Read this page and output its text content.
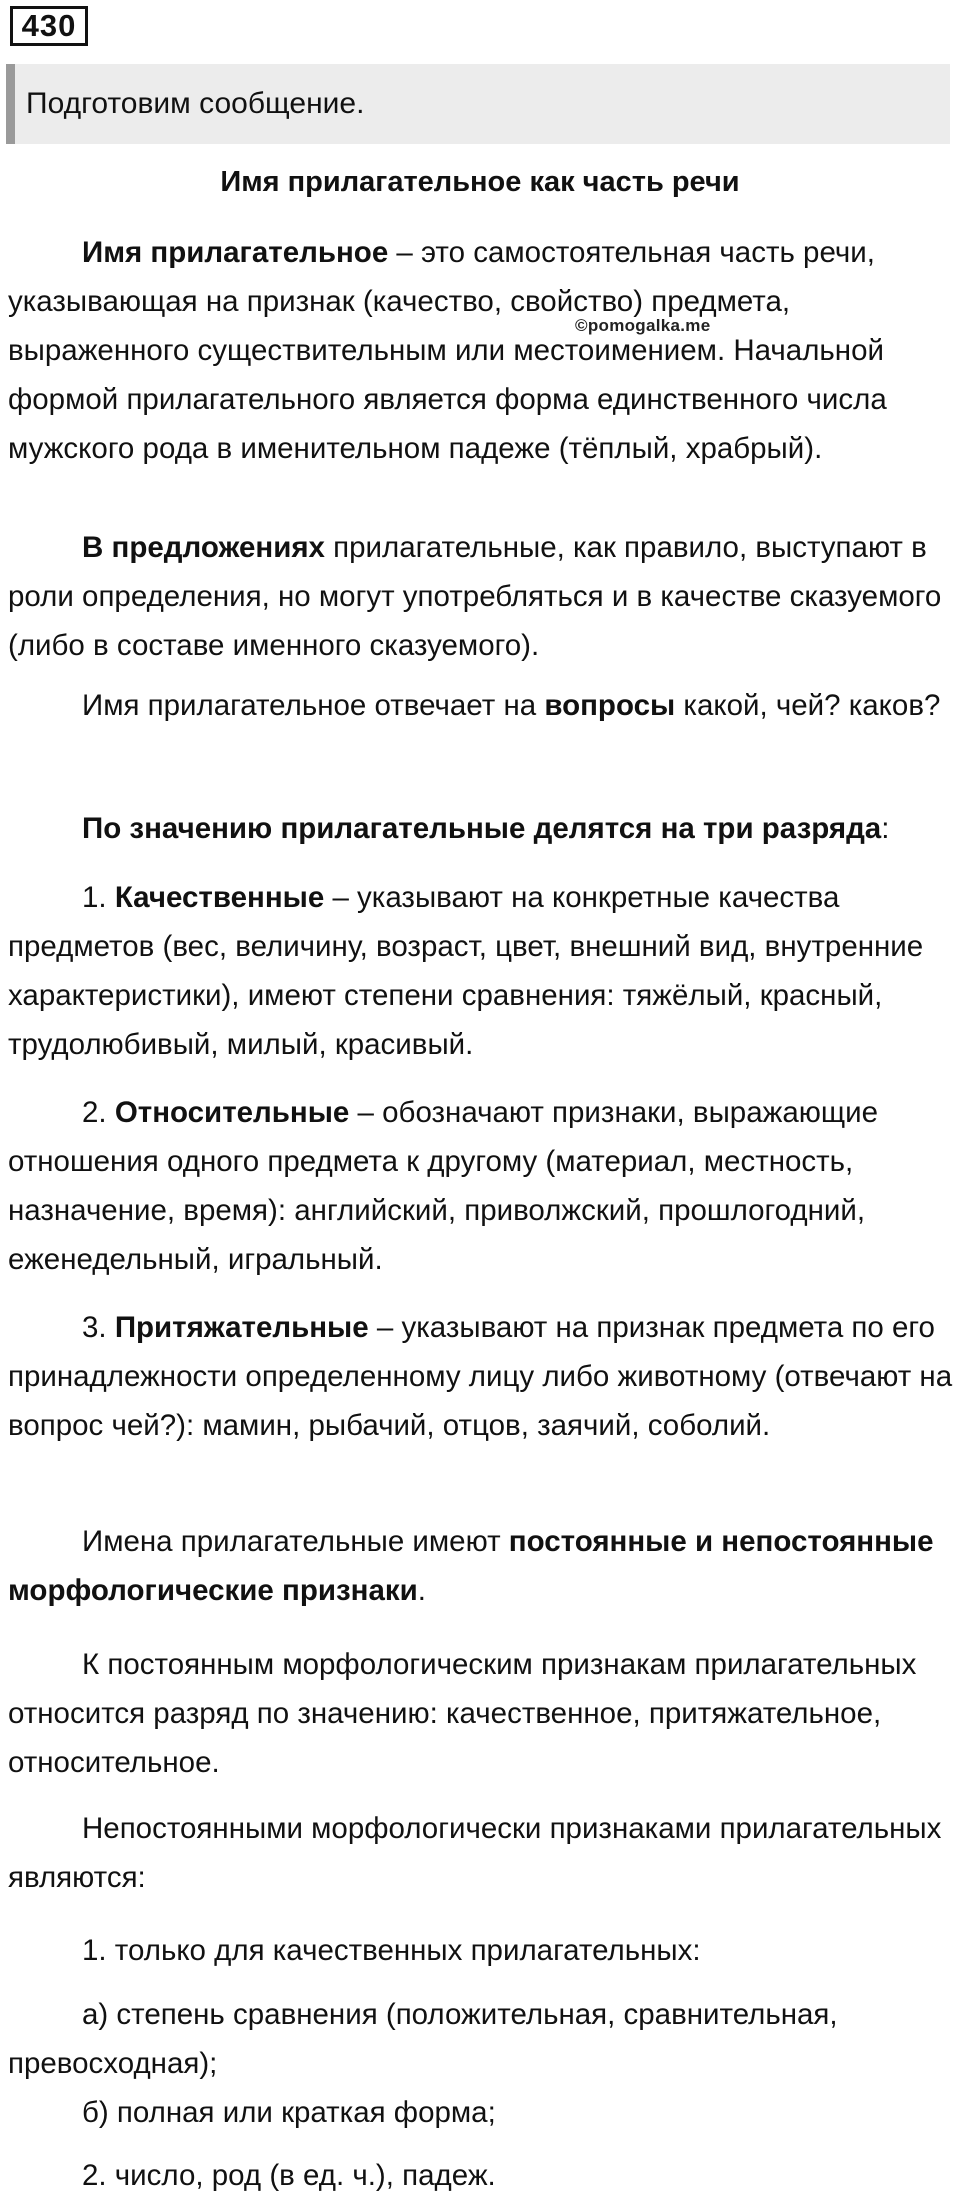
430
Подготовим сообщение.
Имя прилагательное как часть речи
©pomogalka.me

Имя прилагательное – это самостоятельная часть речи, указывающая на признак (качество, свойство) предмета, выраженного существительным или местоимением. Начальной формой прилагательного является форма единственного числа мужского рода в именительном падеже (тёплый, храбрый).

В предложениях прилагательные, как правило, выступают в роли определения, но могут употребляться и в качестве сказуемого (либо в составе именного сказуемого).

Имя прилагательное отвечает на вопросы какой, чей? каков?

По значению прилагательные делятся на три разряда:

1. Качественные – указывают на конкретные качества предметов (вес, величину, возраст, цвет, внешний вид, внутренние характеристики), имеют степени сравнения: тяжёлый, красный, трудолюбивый, милый, красивый.

2. Относительные – обозначают признаки, выражающие отношения одного предмета к другому (материал, местность, назначение, время): английский, приволжский, прошлогодний, еженедельный, игральный.

3. Притяжательные – указывают на признак предмета по его принадлежности определенному лицу либо животному (отвечают на вопрос чей?): мамин, рыбачий, отцов, заячий, соболий.

Имена прилагательные имеют постоянные и непостоянные морфологические признаки.

К постоянным морфологическим признакам прилагательных относится разряд по значению: качественное, притяжательное, относительное.

Непостоянными морфологически признаками прилагательных являются:

1. только для качественных прилагательных:

а) степень сравнения (положительная, сравнительная, превосходная);

б) полная или краткая форма;

2. число, род (в ед. ч.), падеж.
